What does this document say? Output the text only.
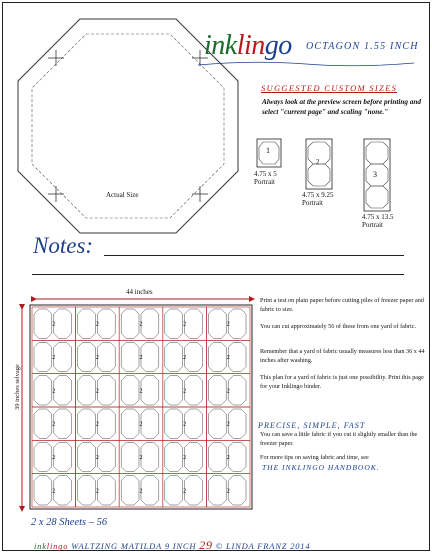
Actual Size
inklingo OCTAGON 1.55 INCH
SUGGESTED CUSTOM SIZES
Always look at the preview screen before printing and select "current page" and scaling "none."
1
4.75 x 5
Portrait
2
4.75 x 9.25
Portrait
3
4.75 x 13.5
Portrait
Notes:
44 inches
2	2	2	2	2
2	2	2	2	2
2	2	2	2	2
2	2	2	2	2
2	2	2	2	2
2	2	2	2	2
39 inches selvage
Print a test on plain paper before cutting piles of freezer paper and fabric to size.
You can cut approximately 56 of these from one yard of fabric.
Remember that a yard of fabric usually measures less than 36 x 44 inches after washing.
This plan for a yard of fabric is just one possibility. Print this page for your Inklingo binder.
PRECISE, SIMPLE, FAST
You can save a little fabric if you cut it slightly smaller than the freezer paper.
For more tips on saving fabric and time, see
THE INKLINGO HANDBOOK.
2 x 28 Sheets – 56
inklingo WALTZING MATILDA 9 INCH 29 © LINDA FRANZ 2014
